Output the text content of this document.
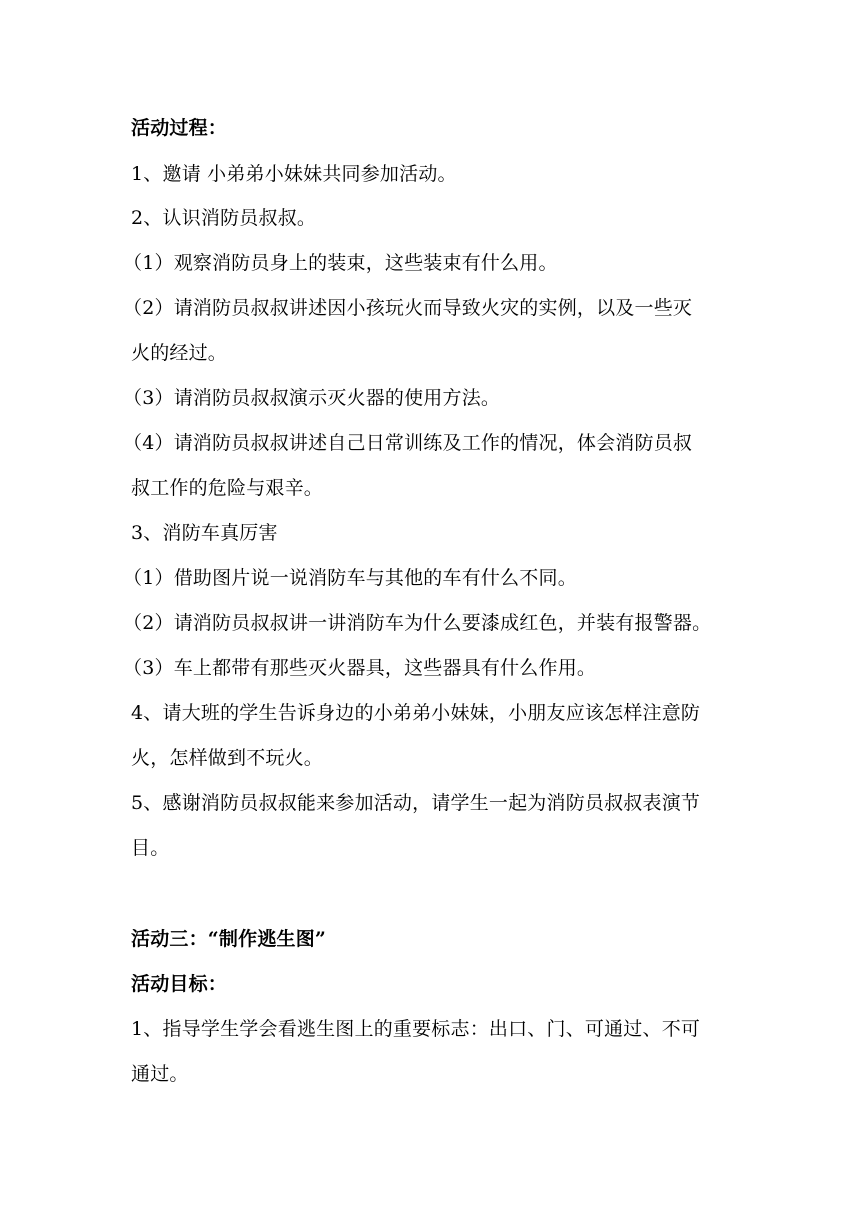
活动过程：
1、邀请 小弟弟小妹妹共同参加活动。
2、认识消防员叔叔。
（1）观察消防员身上的装束，这些装束有什么用。
（2）请消防员叔叔讲述因小孩玩火而导致火灾的实例，以及一些灭
火的经过。
（3）请消防员叔叔演示灭火器的使用方法。
（4）请消防员叔叔讲述自己日常训练及工作的情况，体会消防员叔
叔工作的危险与艰辛。
3、消防车真厉害
（1）借助图片说一说消防车与其他的车有什么不同。
（2）请消防员叔叔讲一讲消防车为什么要漆成红色，并装有报警器。
（3）车上都带有那些灭火器具，这些器具有什么作用。
4、请大班的学生告诉身边的小弟弟小妹妹，小朋友应该怎样注意防
火，怎样做到不玩火。
5、感谢消防员叔叔能来参加活动，请学生一起为消防员叔叔表演节
目。
活动三：“制作逃生图”
活动目标：
1、指导学生学会看逃生图上的重要标志：出口、门、可通过、不可
通过。
